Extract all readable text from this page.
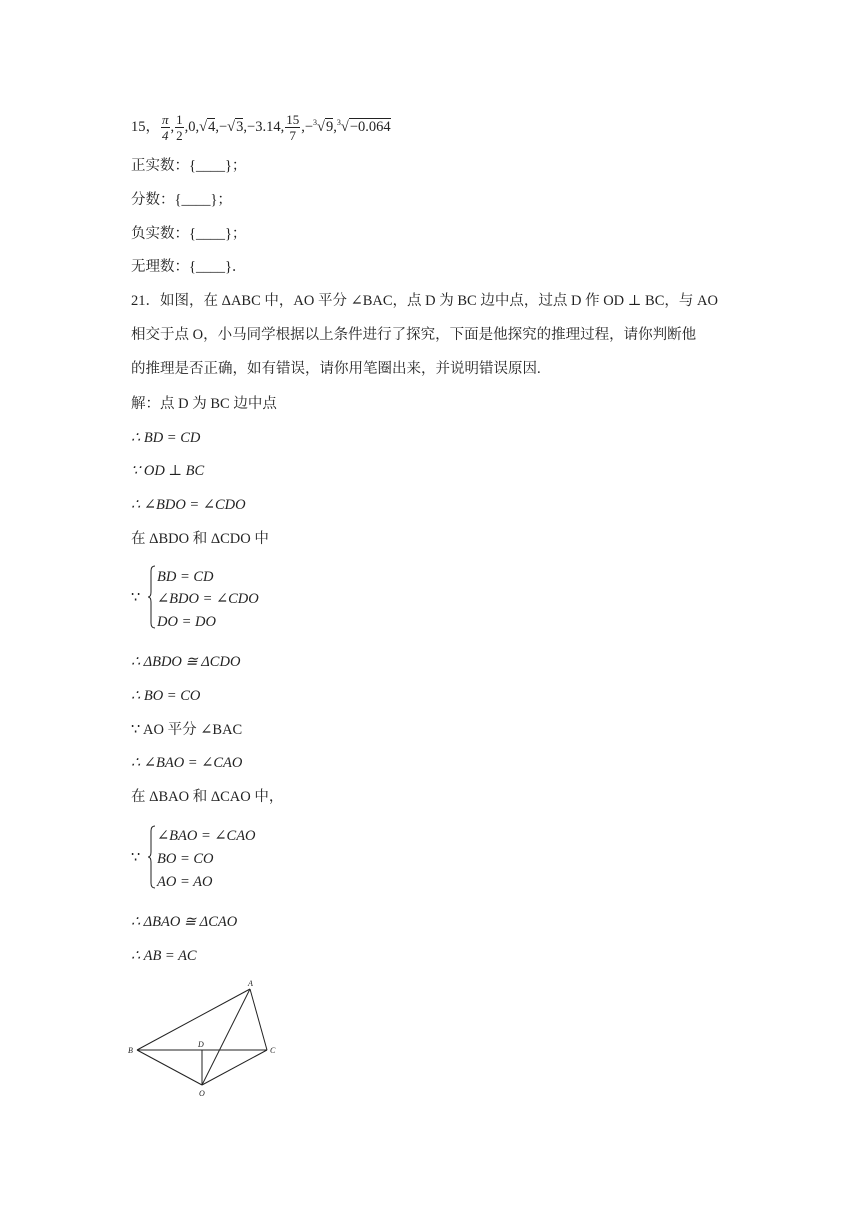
15， $\frac{\pi}{4}$ , $\frac{1}{2} ,0,√4,-√3,-3.14$, $\frac{15}{7} ,-^3√9,^3√-0.064$
正实数：{____}；
分数：{____}；
负实数：{____}；
无理数：{____}．
21．如图，在 ΔABC 中，AO 平分 ∠BAC，点 D 为 BC 边中点，过点 D 作 OD ⊥ BC，与 AO
相交于点 O，小马同学根据以上条件进行了探究，下面是他探究的推理过程，请你判断他
的推理是否正确，如有错误，请你用笔圈出来，并说明错误原因.
解：点 D 为 BC 边中点
∴ BD = CD
∵ OD ⊥ BC
∴ ∠BDO = ∠CDO
在 ΔBDO 和 ΔCDO 中
∵
BD = CD
∠BDO = ∠CDO
DO = DO
∴ ΔBDO ≅ ΔCDO
∴ BO = CO
∵ AO 平分 ∠BAC
∴ ∠BAO = ∠CAO
在 ΔBAO 和 ΔCAO 中，
∵
∠BAO = ∠CAO
BO = CO
AO = AO
∴ ΔBAO ≅ ΔCAO
∴ AB = AC
A
B	C
D
O
